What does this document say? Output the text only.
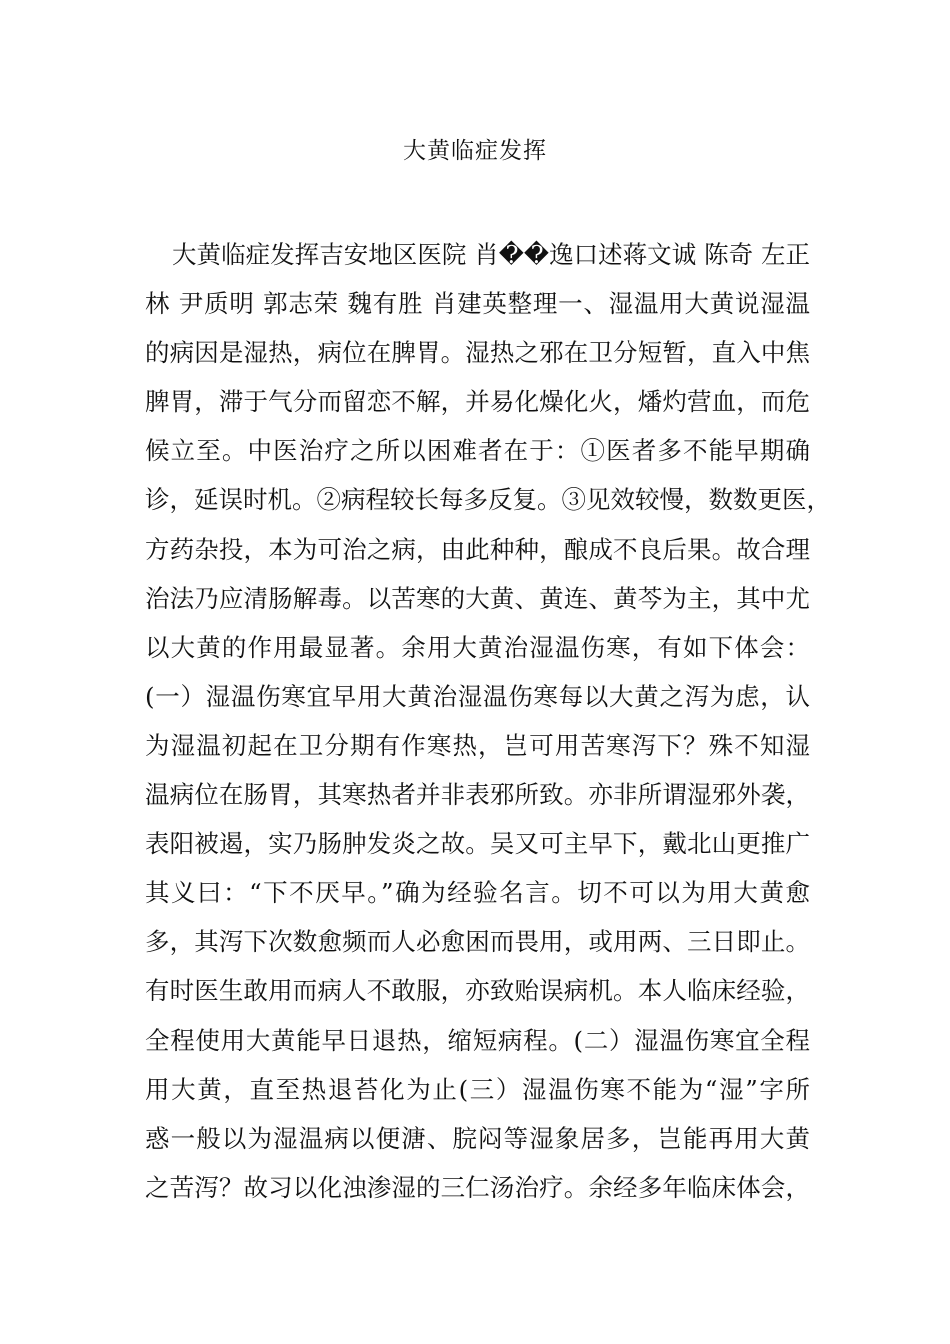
大黄临症发挥
大黄临症发挥吉安地区医院 肖��逸口述蒋文诚 陈奇 左正
林 尹质明 郭志荣 魏有胜 肖建英整理一、湿温用大黄说湿温
的病因是湿热，病位在脾胃。湿热之邪在卫分短暂，直入中焦
脾胃，滞于气分而留恋不解，并易化燥化火，燔灼营血，而危
候立至。中医治疗之所以困难者在于：①医者多不能早期确
诊，延误时机。②病程较长每多反复。③见效较慢，数数更医，
方药杂投，本为可治之病，由此种种，酿成不良后果。故合理
治法乃应清肠解毒。以苦寒的大黄、黄连、黄芩为主，其中尤
以大黄的作用最显著。余用大黄治湿温伤寒，有如下体会：
(一）湿温伤寒宜早用大黄治湿温伤寒每以大黄之泻为虑，认
为湿温初起在卫分期有作寒热，岂可用苦寒泻下？殊不知湿
温病位在肠胃，其寒热者并非表邪所致。亦非所谓湿邪外袭，
表阳被遏，实乃肠肿发炎之故。吴又可主早下，戴北山更推广
其义曰：“下不厌早。”确为经验名言。切不可以为用大黄愈
多，其泻下次数愈频而人必愈困而畏用，或用两、三日即止。
有时医生敢用而病人不敢服，亦致贻误病机。本人临床经验，
全程使用大黄能早日退热，缩短病程。(二）湿温伤寒宜全程
用大黄，直至热退苔化为止(三）湿温伤寒不能为“湿”字所
惑一般以为湿温病以便溏、脘闷等湿象居多，岂能再用大黄
之苦泻？故习以化浊渗湿的三仁汤治疗。余经多年临床体会，
